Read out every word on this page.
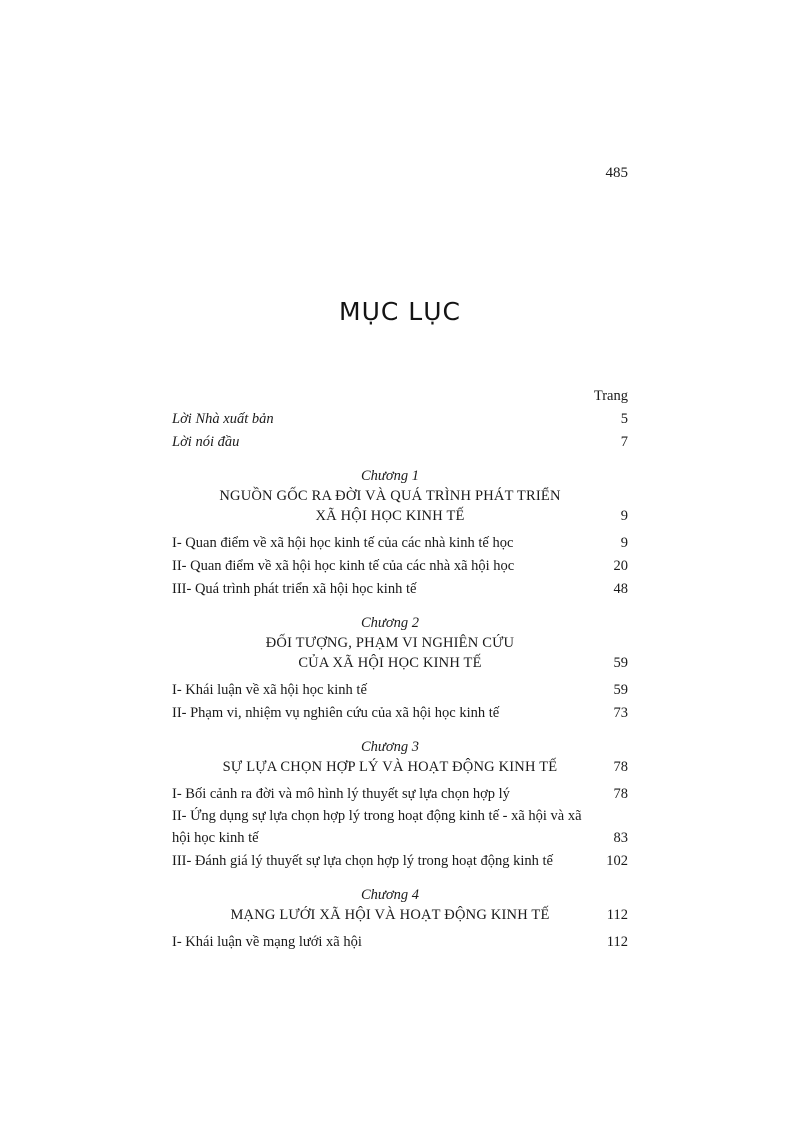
485
MỤC LỤC
Trang
Lời Nhà xuất bản	5
Lời nói đầu	7
Chương 1
NGUỒN GỐC RA ĐỜI VÀ QUÁ TRÌNH PHÁT TRIỂN
XÃ HỘI HỌC KINH TẾ	9
I- Quan điểm về xã hội học kinh tế của các nhà kinh tế học	9
II- Quan điểm về xã hội học kinh tế của các nhà xã hội học	20
III- Quá trình phát triển xã hội học kinh tế	48
Chương 2
ĐỐI TƯỢNG, PHẠM VI NGHIÊN CỨU
CỦA XÃ HỘI HỌC KINH TẾ	59
I- Khái luận về xã hội học kinh tế	59
II- Phạm vi, nhiệm vụ nghiên cứu của xã hội học kinh tế	73
Chương 3
SỰ LỰA CHỌN HỢP LÝ VÀ HOẠT ĐỘNG KINH TẾ	78
I- Bối cảnh ra đời và mô hình lý thuyết sự lựa chọn hợp lý	78
II- Ứng dụng sự lựa chọn hợp lý trong hoạt động kinh tế - xã hội và xã hội học kinh tế	83
III- Đánh giá lý thuyết sự lựa chọn hợp lý trong hoạt động kinh tế	102
Chương 4
MẠNG LƯỚI XÃ HỘI VÀ HOẠT ĐỘNG KINH TẾ	112
I- Khái luận về mạng lưới xã hội	112
